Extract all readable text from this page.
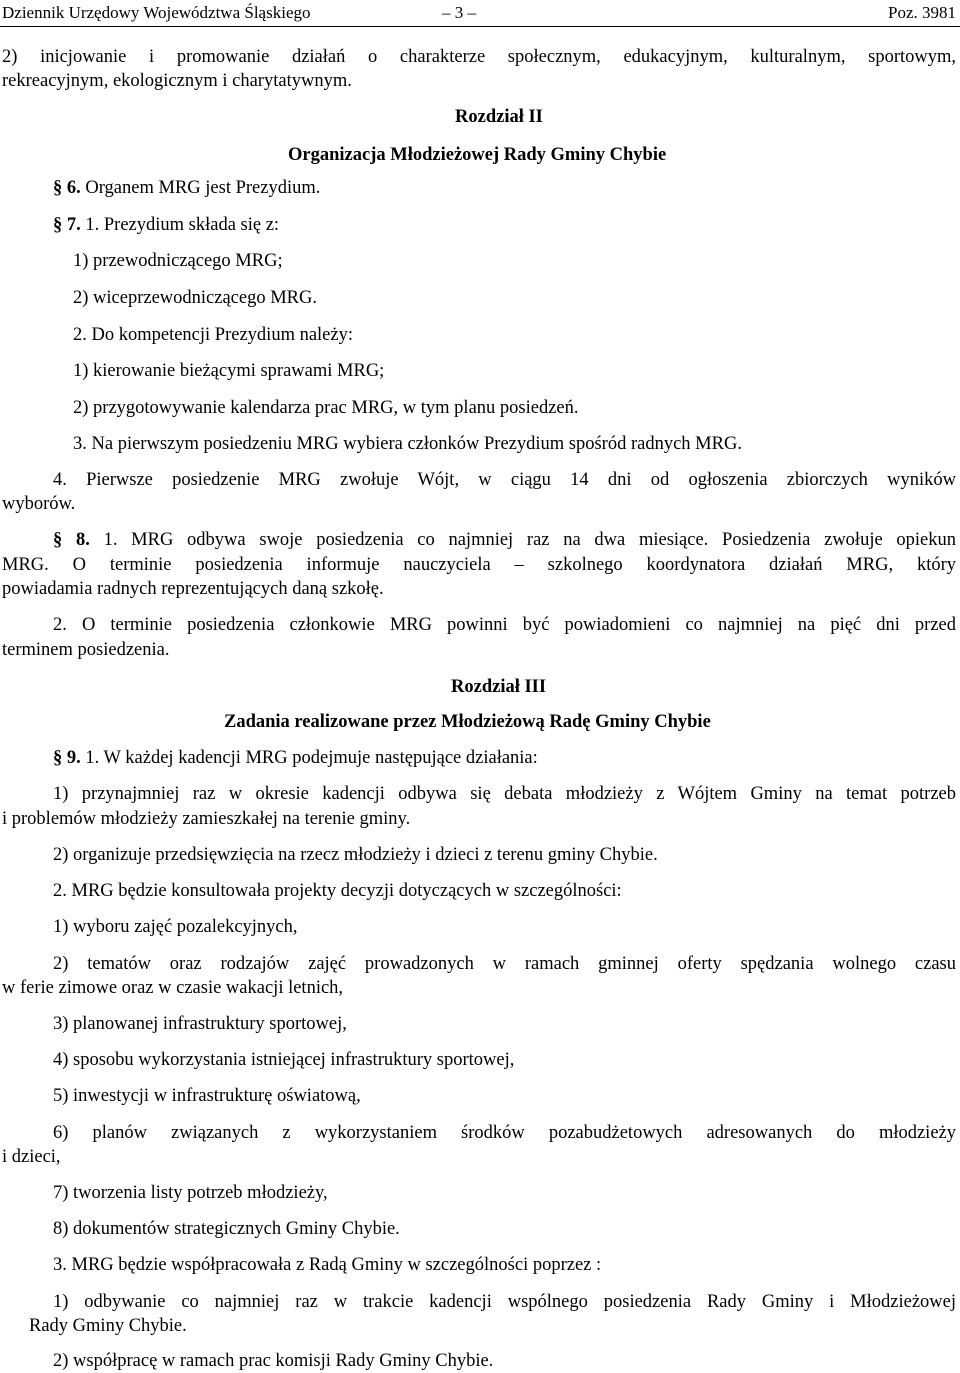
Dziennik Urzędowy Województwa Śląskiego	– 3 –	Poz. 3981
2) inicjowanie i promowanie działań o charakterze społecznym, edukacyjnym, kulturalnym, sportowym,
rekreacyjnym, ekologicznym i charytatywnym.
Rozdział II
Organizacja Młodzieżowej Rady Gminy Chybie
§ 6. Organem MRG jest Prezydium.
§ 7. 1. Prezydium składa się z:
1) przewodniczącego MRG;
2) wiceprzewodniczącego MRG.
2. Do kompetencji Prezydium należy:
1) kierowanie bieżącymi sprawami MRG;
2) przygotowywanie kalendarza prac MRG, w tym planu posiedzeń.
3. Na pierwszym posiedzeniu MRG wybiera członków Prezydium spośród radnych MRG.
4. Pierwsze posiedzenie MRG zwołuje Wójt, w ciągu 14 dni od ogłoszenia zbiorczych wyników
wyborów.
§ 8. 1. MRG odbywa swoje posiedzenia co najmniej raz na dwa miesiące. Posiedzenia zwołuje opiekun
MRG. O terminie posiedzenia informuje nauczyciela – szkolnego koordynatora działań MRG, który
powiadamia radnych reprezentujących daną szkołę.
2. O terminie posiedzenia członkowie MRG powinni być powiadomieni co najmniej na pięć dni przed
terminem posiedzenia.
Rozdział III
Zadania realizowane przez Młodzieżową Radę Gminy Chybie
§ 9. 1. W każdej kadencji MRG podejmuje następujące działania:
1) przynajmniej raz w okresie kadencji odbywa się debata młodzieży z Wójtem Gminy na temat potrzeb
i problemów młodzieży zamieszkałej na terenie gminy.
2) organizuje przedsięwzięcia na rzecz młodzieży i dzieci z terenu gminy Chybie.
2. MRG będzie konsultowała projekty decyzji dotyczących w szczególności:
1) wyboru zajęć pozalekcyjnych,
2) tematów oraz rodzajów zajęć prowadzonych w ramach gminnej oferty spędzania wolnego czasu
w ferie zimowe oraz w czasie wakacji letnich,
3) planowanej infrastruktury sportowej,
4) sposobu wykorzystania istniejącej infrastruktury sportowej,
5) inwestycji w infrastrukturę oświatową,
6) planów związanych z wykorzystaniem środków pozabudżetowych adresowanych do młodzieży
i dzieci,
7) tworzenia listy potrzeb młodzieży,
8) dokumentów strategicznych Gminy Chybie.
3. MRG będzie współpracowała z Radą Gminy w szczególności poprzez :
1) odbywanie co najmniej raz w trakcie kadencji wspólnego posiedzenia Rady Gminy i Młodzieżowej
Rady Gminy Chybie.
2) współpracę w ramach prac komisji Rady Gminy Chybie.
